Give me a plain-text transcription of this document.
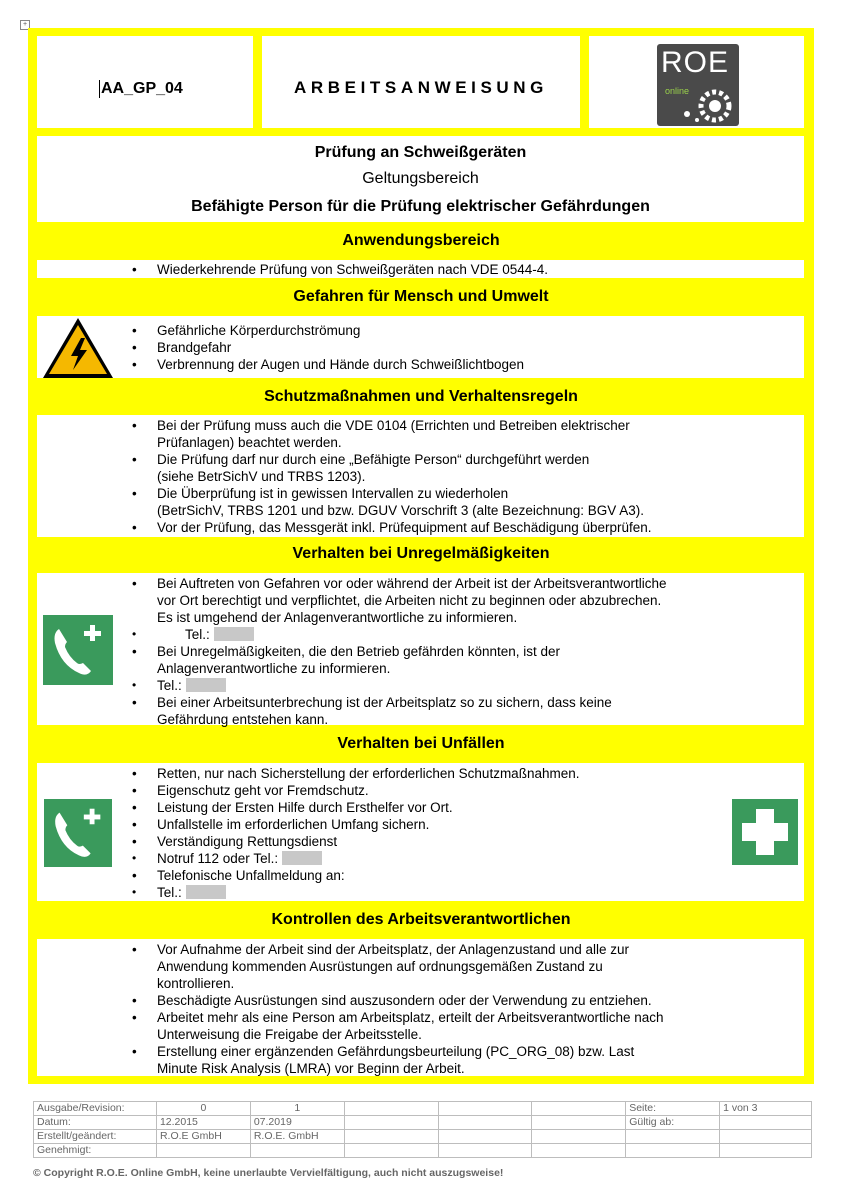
+
AA_GP_04	ARBEITSANWEISUNG
ROE
online
Prüfung an Schweißgeräten
Geltungsbereich
Befähigte Person für die Prüfung elektrischer Gefährdungen
Anwendungsbereich
• Wiederkehrende Prüfung von Schweißgeräten nach VDE 0544-4.
Gefahren für Mensch und Umwelt
• Gefährliche Körperdurchströmung
• Brandgefahr
• Verbrennung der Augen und Hände durch Schweißlichtbogen
Schutzmaßnahmen und Verhaltensregeln
• Bei der Prüfung muss auch die VDE 0104 (Errichten und Betreiben elektrischer
Prüfanlagen) beachtet werden.
• Die Prüfung darf nur durch eine „Befähigte Person“ durchgeführt werden
(siehe BetrSichV und TRBS 1203).
• Die Überprüfung ist in gewissen Intervallen zu wiederholen
(BetrSichV, TRBS 1201 und bzw. DGUV Vorschrift 3 (alte Bezeichnung: BGV A3).
• Vor der Prüfung, das Messgerät inkl. Prüfequipment auf Beschädigung überprüfen.
Verhalten bei Unregelmäßigkeiten
• Bei Auftreten von Gefahren vor oder während der Arbeit ist der Arbeitsverantwortliche
vor Ort berechtigt und verpflichtet, die Arbeiten nicht zu beginnen oder abzubrechen.
Es ist umgehend der Anlagenverantwortliche zu informieren.
• Tel.:
• Bei Unregelmäßigkeiten, die den Betrieb gefährden könnten, ist der
Anlagenverantwortliche zu informieren.
• Tel.:
• Bei einer Arbeitsunterbrechung ist der Arbeitsplatz so zu sichern, dass keine
Gefährdung entstehen kann.
Verhalten bei Unfällen
• Retten, nur nach Sicherstellung der erforderlichen Schutzmaßnahmen.
• Eigenschutz geht vor Fremdschutz.
• Leistung der Ersten Hilfe durch Ersthelfer vor Ort.
• Unfallstelle im erforderlichen Umfang sichern.
• Verständigung Rettungsdienst
• Notruf 112 oder Tel.:
• Telefonische Unfallmeldung an:
• Tel.:
Kontrollen des Arbeitsverantwortlichen
• Vor Aufnahme der Arbeit sind der Arbeitsplatz, der Anlagenzustand und alle zur
Anwendung kommenden Ausrüstungen auf ordnungsgemäßen Zustand zu
kontrollieren.
• Beschädigte Ausrüstungen sind auszusondern oder der Verwendung zu entziehen.
• Arbeitet mehr als eine Person am Arbeitsplatz, erteilt der Arbeitsverantwortliche nach
Unterweisung die Freigabe der Arbeitsstelle.
• Erstellung einer ergänzenden Gefährdungsbeurteilung (PC_ORG_08) bzw. Last
Minute Risk Analysis (LMRA) vor Beginn der Arbeit.
Ausgabe/Revision:	0	1				Seite:	1 von 3
Datum:	12.2015	07.2019				Gültig ab:	
Erstellt/geändert:	R.O.E GmbH	R.O.E. GmbH					
Genehmigt:							
© Copyright R.O.E. Online GmbH, keine unerlaubte Vervielfältigung, auch nicht auszugsweise!
